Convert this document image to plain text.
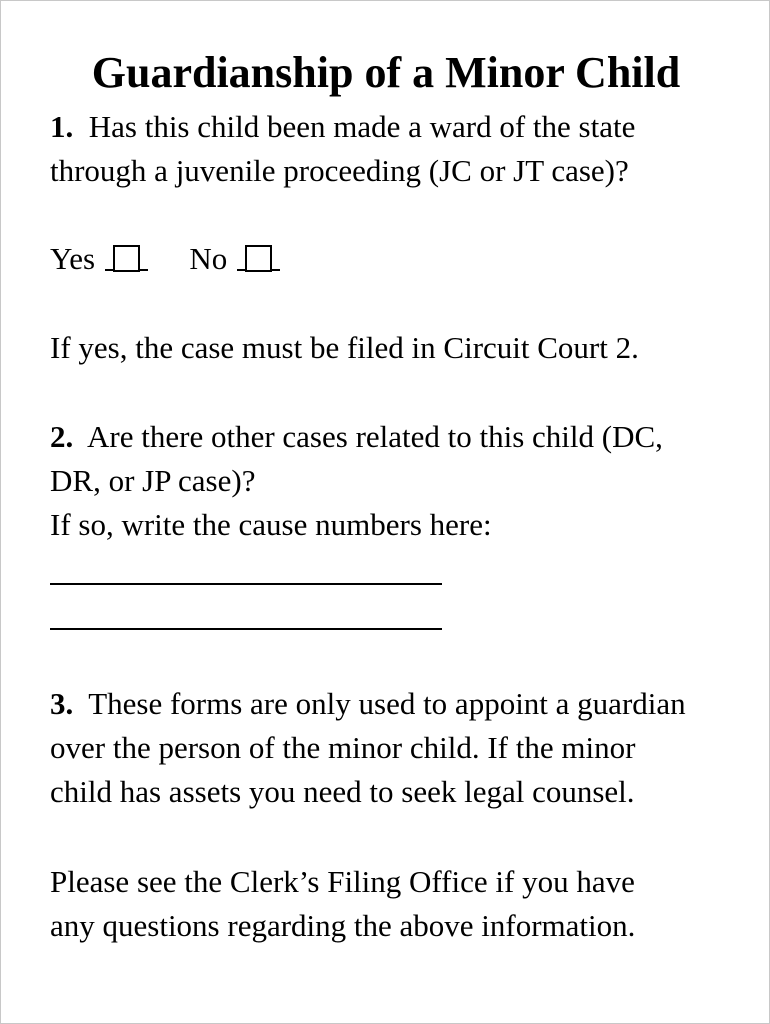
Guardianship of a Minor Child
1. Has this child been made a ward of the state
through a juvenile proceeding (JC or JT case)?
Yes	No
If yes, the case must be filed in Circuit Court 2.
2. Are there other cases related to this child (DC,
DR, or JP case)?
If so, write the cause numbers here:
3. These forms are only used to appoint a guardian
over the person of the minor child. If the minor
child has assets you need to seek legal counsel.
Please see the Clerk’s Filing Office if you have
any questions regarding the above information.
